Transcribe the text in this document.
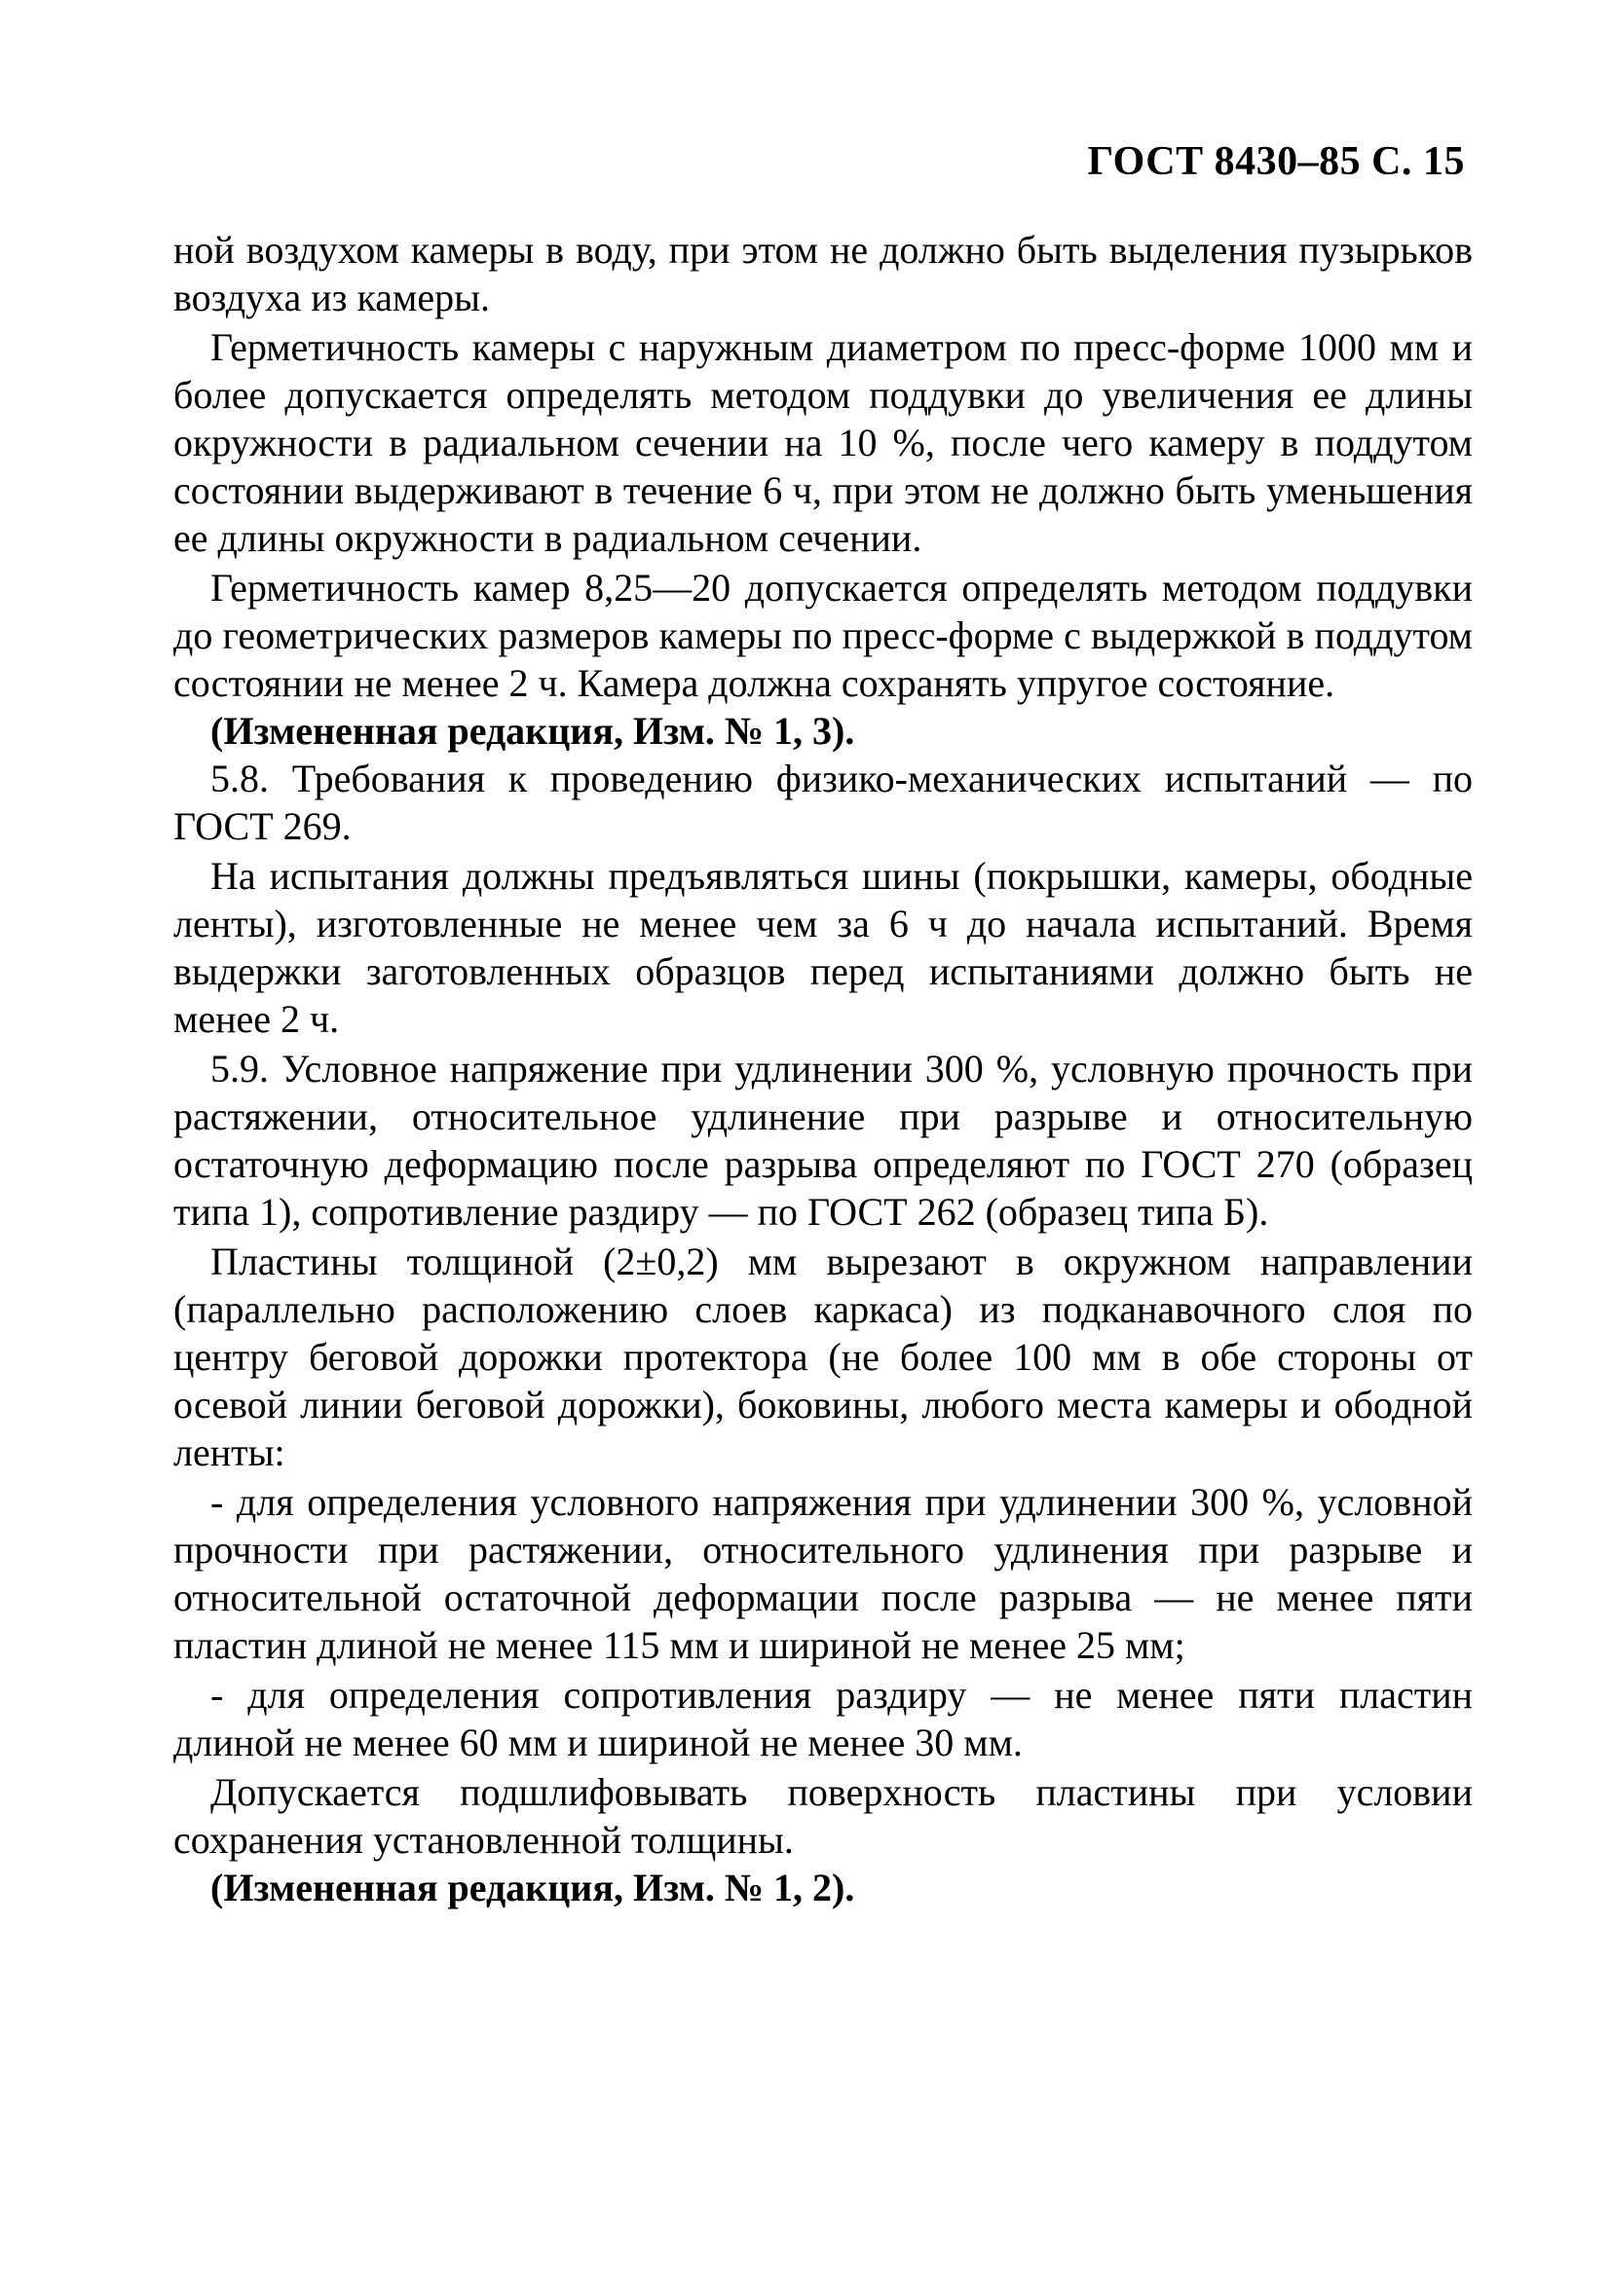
ГОСТ 8430–85 С. 15

ной воздухом камеры в воду, при этом не должно быть выделения пузырьков воздуха из камеры.

Герметичность камеры с наружным диаметром по пресс-форме 1000 мм и более допускается определять методом поддувки до увеличения ее длины окружности в радиальном сечении на 10 %, после чего камеру в поддутом состоянии выдерживают в течение 6 ч, при этом не должно быть уменьшения ее длины окружности в радиальном сечении.

Герметичность камер 8,25—20 допускается определять методом поддувки до геометрических размеров камеры по пресс-форме с выдержкой в поддутом состоянии не менее 2 ч. Камера должна сохранять упругое состояние.

(Измененная редакция, Изм. № 1, 3).

5.8. Требования к проведению физико-механических испытаний — по ГОСТ 269.

На испытания должны предъявляться шины (покрышки, камеры, ободные ленты), изготовленные не менее чем за 6 ч до начала испытаний. Время выдержки заготовленных образцов перед испытаниями должно быть не менее 2 ч.

5.9. Условное напряжение при удлинении 300 %, условную прочность при растяжении, относительное удлинение при разрыве и относительную остаточную деформацию после разрыва определяют по ГОСТ 270 (образец типа 1), сопротивление раздиру — по ГОСТ 262 (образец типа Б).

Пластины толщиной (2±0,2) мм вырезают в окружном направлении (параллельно расположению слоев каркаса) из подканавочного слоя по центру беговой дорожки протектора (не более 100 мм в обе стороны от осевой линии беговой дорожки), боковины, любого места камеры и ободной ленты:

- для определения условного напряжения при удлинении 300 %, условной прочности при растяжении, относительного удлинения при разрыве и относительной остаточной деформации после разрыва — не менее пяти пластин длиной не менее 115 мм и шириной не менее 25 мм;

- для определения сопротивления раздиру — не менее пяти пластин длиной не менее 60 мм и шириной не менее 30 мм.

Допускается подшлифовывать поверхность пластины при условии сохранения установленной толщины.

(Измененная редакция, Изм. № 1, 2).
